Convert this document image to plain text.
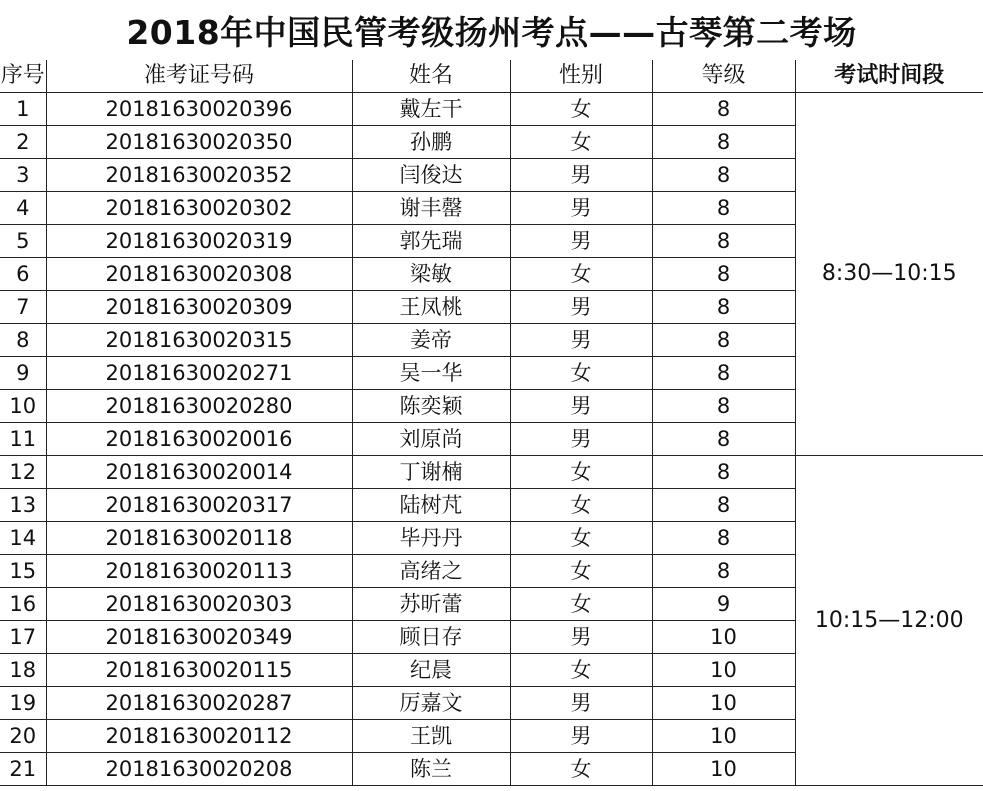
2018年中国民管考级扬州考点——古琴第二考场
序号	准考证号码	姓名	性别	等级	考试时间段
1	20181630020396	戴左干	女	8	8:30—10:15
2	20181630020350	孙鹏	女	8	
3	20181630020352	闫俊达	男	8	
4	20181630020302	谢丰罄	男	8	
5	20181630020319	郭先瑞	男	8	
6	20181630020308	梁敏	女	8	
7	20181630020309	王凤桃	男	8	
8	20181630020315	姜帝	男	8	
9	20181630020271	吴一华	女	8	
10	20181630020280	陈奕颖	男	8	
11	20181630020016	刘原尚	男	8	
12	20181630020014	丁谢楠	女	8	10:15—12:00
13	20181630020317	陆树芃	女	8	
14	20181630020118	毕丹丹	女	8	
15	20181630020113	高绪之	女	8	
16	20181630020303	苏昕蕾	女	9	
17	20181630020349	顾日存	男	10	
18	20181630020115	纪晨	女	10	
19	20181630020287	厉嘉文	男	10	
20	20181630020112	王凯	男	10	
21	20181630020208	陈兰	女	10	
